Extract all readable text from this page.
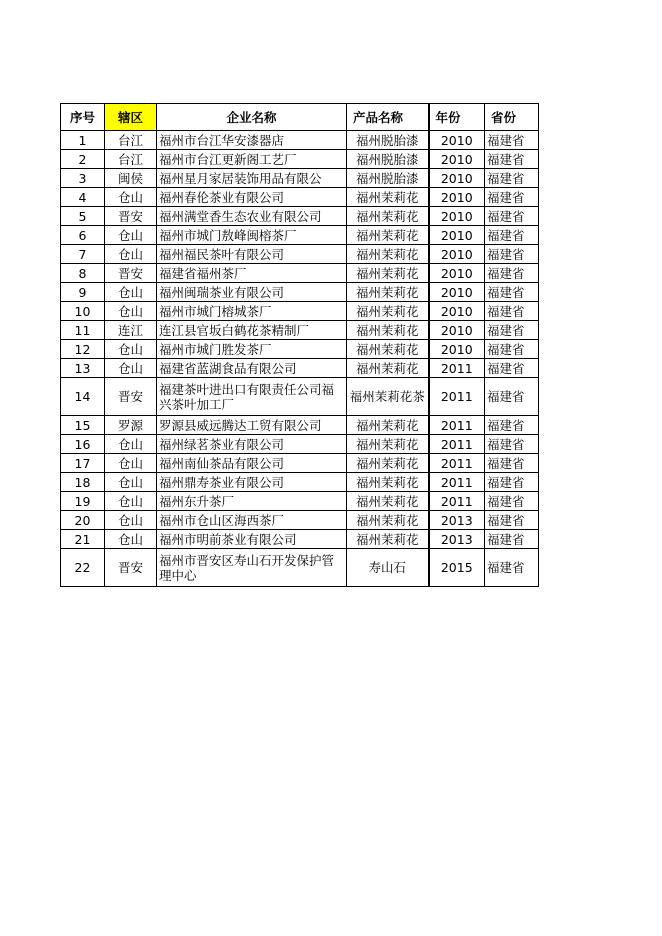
序号	辖区	企业名称	产品名称	年份	省份
1	台江	福州市台江华安漆器店	福州脱胎漆	2010	福建省
2	台江	福州市台江更新阁工艺厂	福州脱胎漆	2010	福建省
3	闽侯	福州星月家居装饰用品有限公	福州脱胎漆	2010	福建省
4	仓山	福州春伦茶业有限公司	福州茉莉花	2010	福建省
5	晋安	福州满堂香生态农业有限公司	福州茉莉花	2010	福建省
6	仓山	福州市城门敖峰闽榕茶厂	福州茉莉花	2010	福建省
7	仓山	福州福民茶叶有限公司	福州茉莉花	2010	福建省
8	晋安	福建省福州茶厂	福州茉莉花	2010	福建省
9	仓山	福州闽瑞茶业有限公司	福州茉莉花	2010	福建省
10	仓山	福州市城门榕城茶厂	福州茉莉花	2010	福建省
11	连江	连江县官坂白鹤花茶精制厂	福州茉莉花	2010	福建省
12	仓山	福州市城门胜发茶厂	福州茉莉花	2010	福建省
13	仓山	福建省蓝湖食品有限公司	福州茉莉花	2011	福建省
14	晋安	福建茶叶进出口有限责任公司福兴茶叶加工厂	福州茉莉花茶	2011	福建省
15	罗源	罗源县威远腾达工贸有限公司	福州茉莉花	2011	福建省
16	仓山	福州绿茗茶业有限公司	福州茉莉花	2011	福建省
17	仓山	福州南仙茶品有限公司	福州茉莉花	2011	福建省
18	仓山	福州鼎寿茶业有限公司	福州茉莉花	2011	福建省
19	仓山	福州东升茶厂	福州茉莉花	2011	福建省
20	仓山	福州市仓山区海西茶厂	福州茉莉花	2013	福建省
21	仓山	福州市明前茶业有限公司	福州茉莉花	2013	福建省
22	晋安	福州市晋安区寿山石开发保护管理中心	寿山石	2015	福建省
